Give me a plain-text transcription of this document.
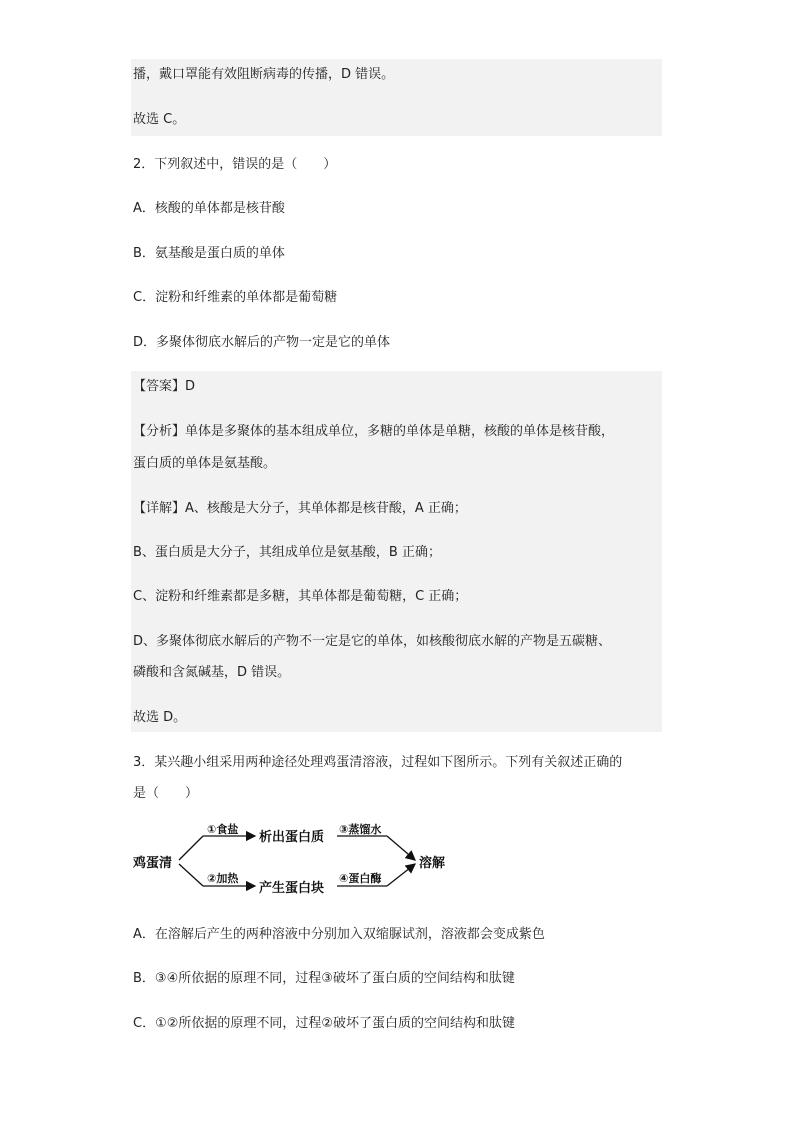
播，戴口罩能有效阻断病毒的传播，D 错误。
故选 C。
2．下列叙述中，错误的是（　　）
A．核酸的单体都是核苷酸
B．氨基酸是蛋白质的单体
C．淀粉和纤维素的单体都是葡萄糖
D．多聚体彻底水解后的产物一定是它的单体
【答案】D
【分析】单体是多聚体的基本组成单位，多糖的单体是单糖，核酸的单体是核苷酸，
蛋白质的单体是氨基酸。
【详解】A、核酸是大分子，其单体都是核苷酸，A 正确；
B、蛋白质是大分子，其组成单位是氨基酸，B 正确；
C、淀粉和纤维素都是多糖，其单体都是葡萄糖，C 正确；
D、多聚体彻底水解后的产物不一定是它的单体，如核酸彻底水解的产物是五碳糖、
磷酸和含氮碱基，D 错误。
故选 D。
3．某兴趣小组采用两种途径处理鸡蛋清溶液，过程如下图所示。下列有关叙述正确的
是（　　）
鸡蛋清
①食盐
析出蛋白质
③蒸馏水
②加热
产生蛋白块
④蛋白酶
溶解
A．在溶解后产生的两种溶液中分别加入双缩脲试剂，溶液都会变成紫色
B．③④所依据的原理不同，过程③破坏了蛋白质的空间结构和肽键
C．①②所依据的原理不同，过程②破坏了蛋白质的空间结构和肽键
